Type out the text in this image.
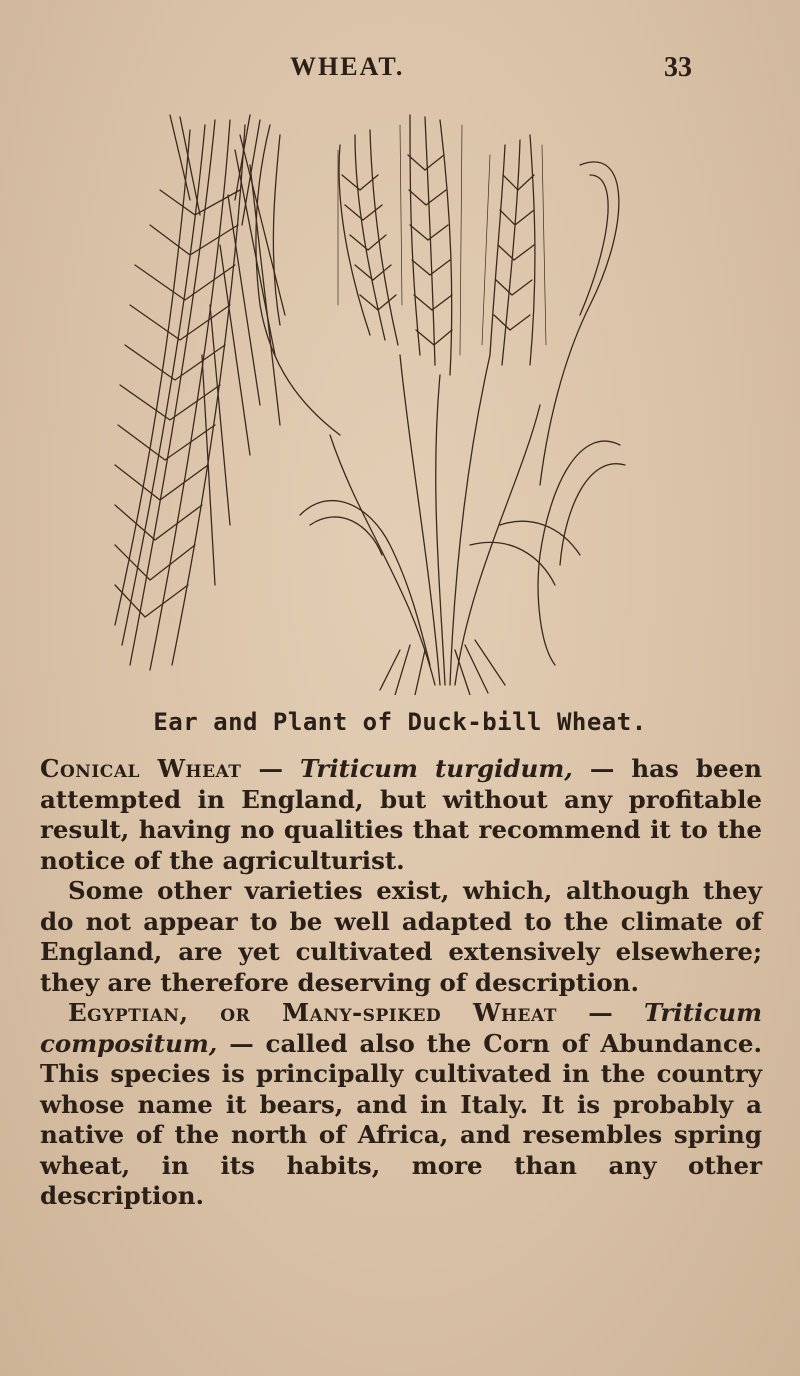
WHEAT.	33
Ear and Plant of Duck-bill Wheat.

Conical Wheat — Triticum turgidum, — has been attempted in England, but without any profitable result, having no qualities that recommend it to the notice of the agriculturist.

Some other varieties exist, which, although they do not appear to be well adapted to the climate of England, are yet cultivated extensively elsewhere; they are therefore deserving of description.

Egyptian, or Many-spiked Wheat — Triticum compositum, — called also the Corn of Abundance. This species is principally cultivated in the country whose name it bears, and in Italy. It is probably a native of the north of Africa, and resembles spring wheat, in its habits, more than any other description.
